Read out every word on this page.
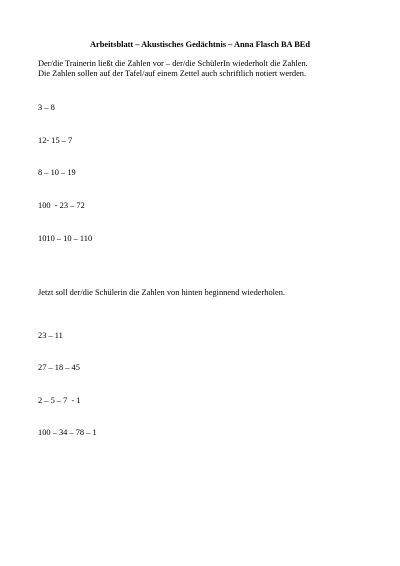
Arbeitsblatt – Akustisches Gedächtnis – Anna Flasch BA BEd
Der/die Trainerin ließt die Zahlen vor – der/die SchülerIn wiederholt die Zahlen.
Die Zahlen sollen auf der Tafel/auf einem Zettel auch schriftlich notiert werden.
3 – 8
12- 15 – 7
8 – 10 – 19
100  - 23 – 72
1010 – 10 – 110
Jetzt soll der/die Schülerin die Zahlen von hinten beginnend wiederholen.
23 – 11
27 – 18 – 45
2 – 5 – 7  - 1
100 – 34 – 78 – 1
